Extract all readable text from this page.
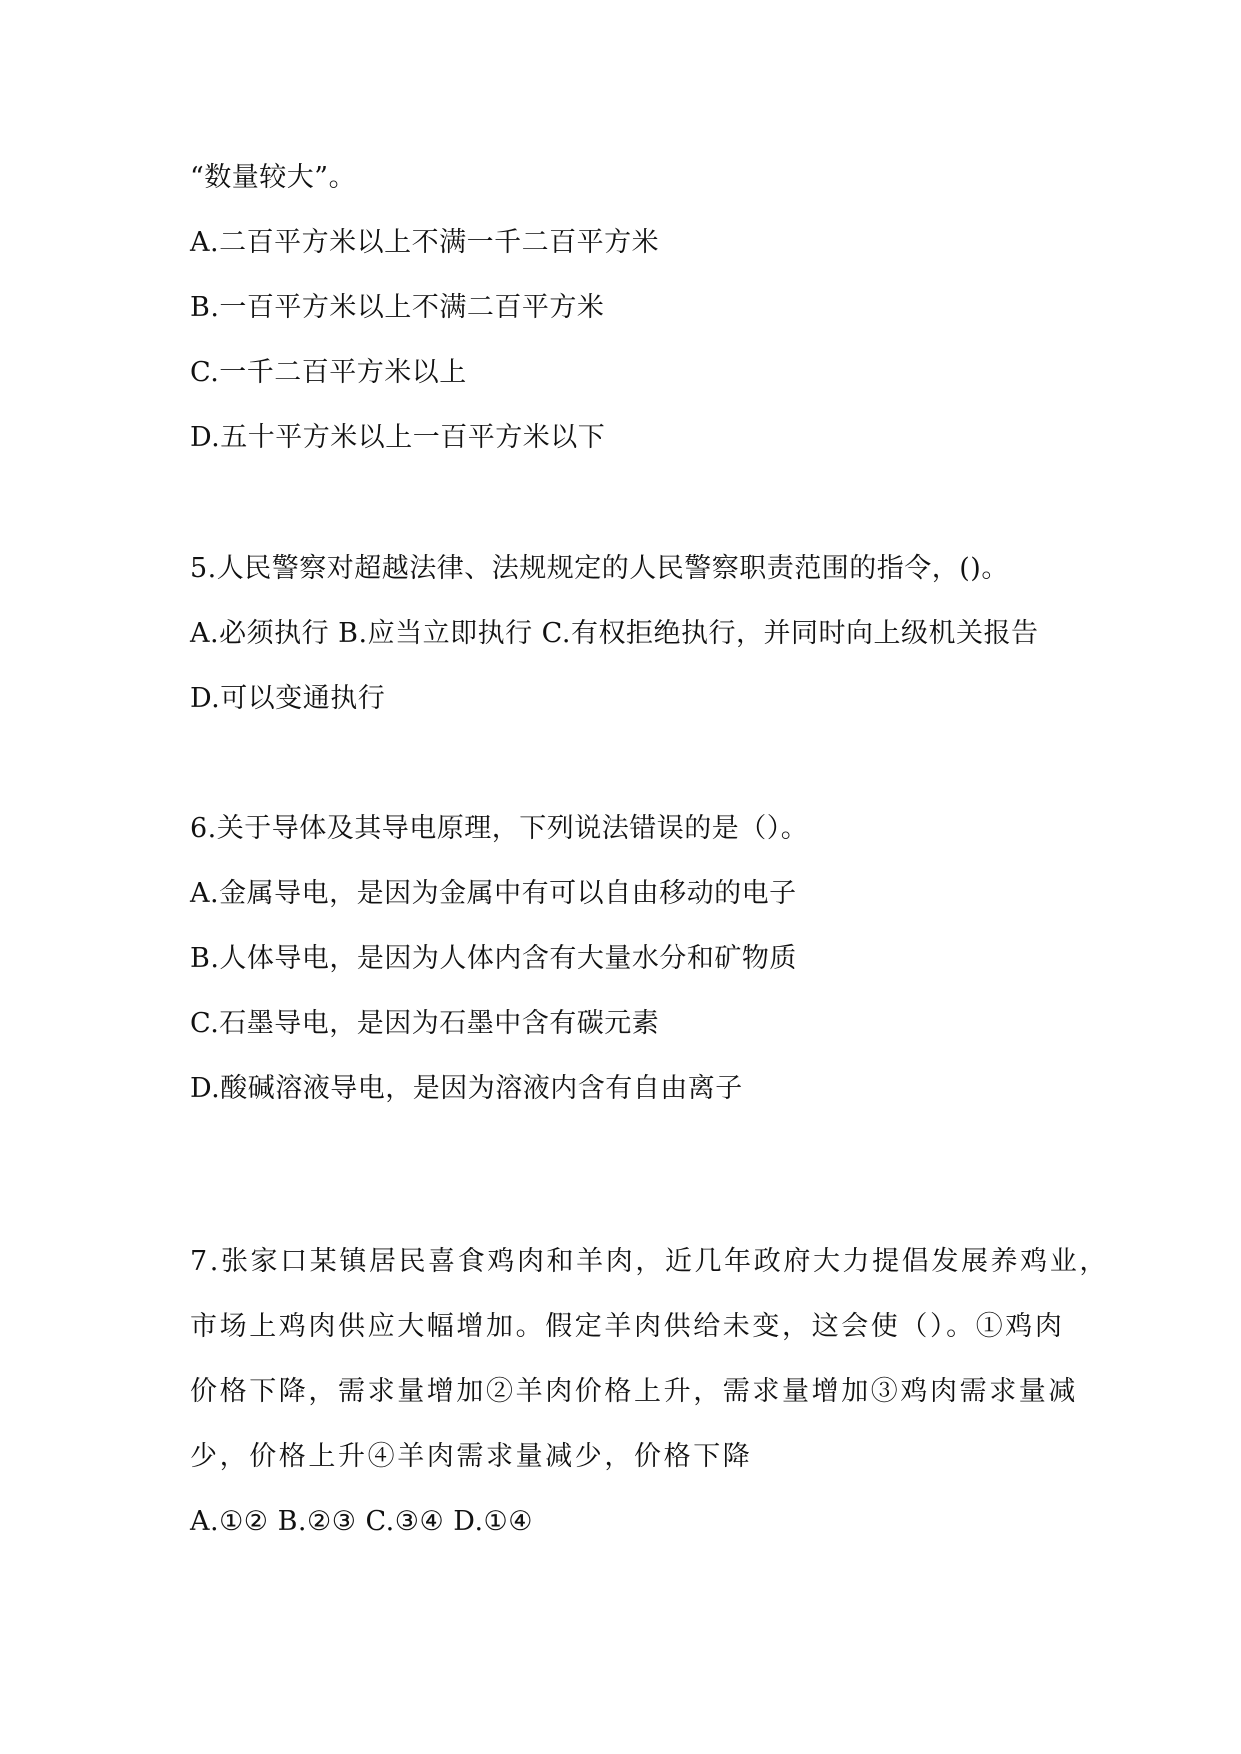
“数量较大”。
A.二百平方米以上不满一千二百平方米
B.一百平方米以上不满二百平方米
C.一千二百平方米以上
D.五十平方米以上一百平方米以下
5.人民警察对超越法律、法规规定的人民警察职责范围的指令，()。
A.必须执行 B.应当立即执行 C.有权拒绝执行，并同时向上级机关报告
D.可以变通执行
6.关于导体及其导电原理，下列说法错误的是（）。
A.金属导电，是因为金属中有可以自由移动的电子
B.人体导电，是因为人体内含有大量水分和矿物质
C.石墨导电，是因为石墨中含有碳元素
D.酸碱溶液导电，是因为溶液内含有自由离子
7.张家口某镇居民喜食鸡肉和羊肉，近几年政府大力提倡发展养鸡业，
市场上鸡肉供应大幅增加。假定羊肉供给未变，这会使（）。①鸡肉
价格下降，需求量增加②羊肉价格上升，需求量增加③鸡肉需求量减
少，价格上升④羊肉需求量减少，价格下降
A.①② B.②③ C.③④ D.①④
